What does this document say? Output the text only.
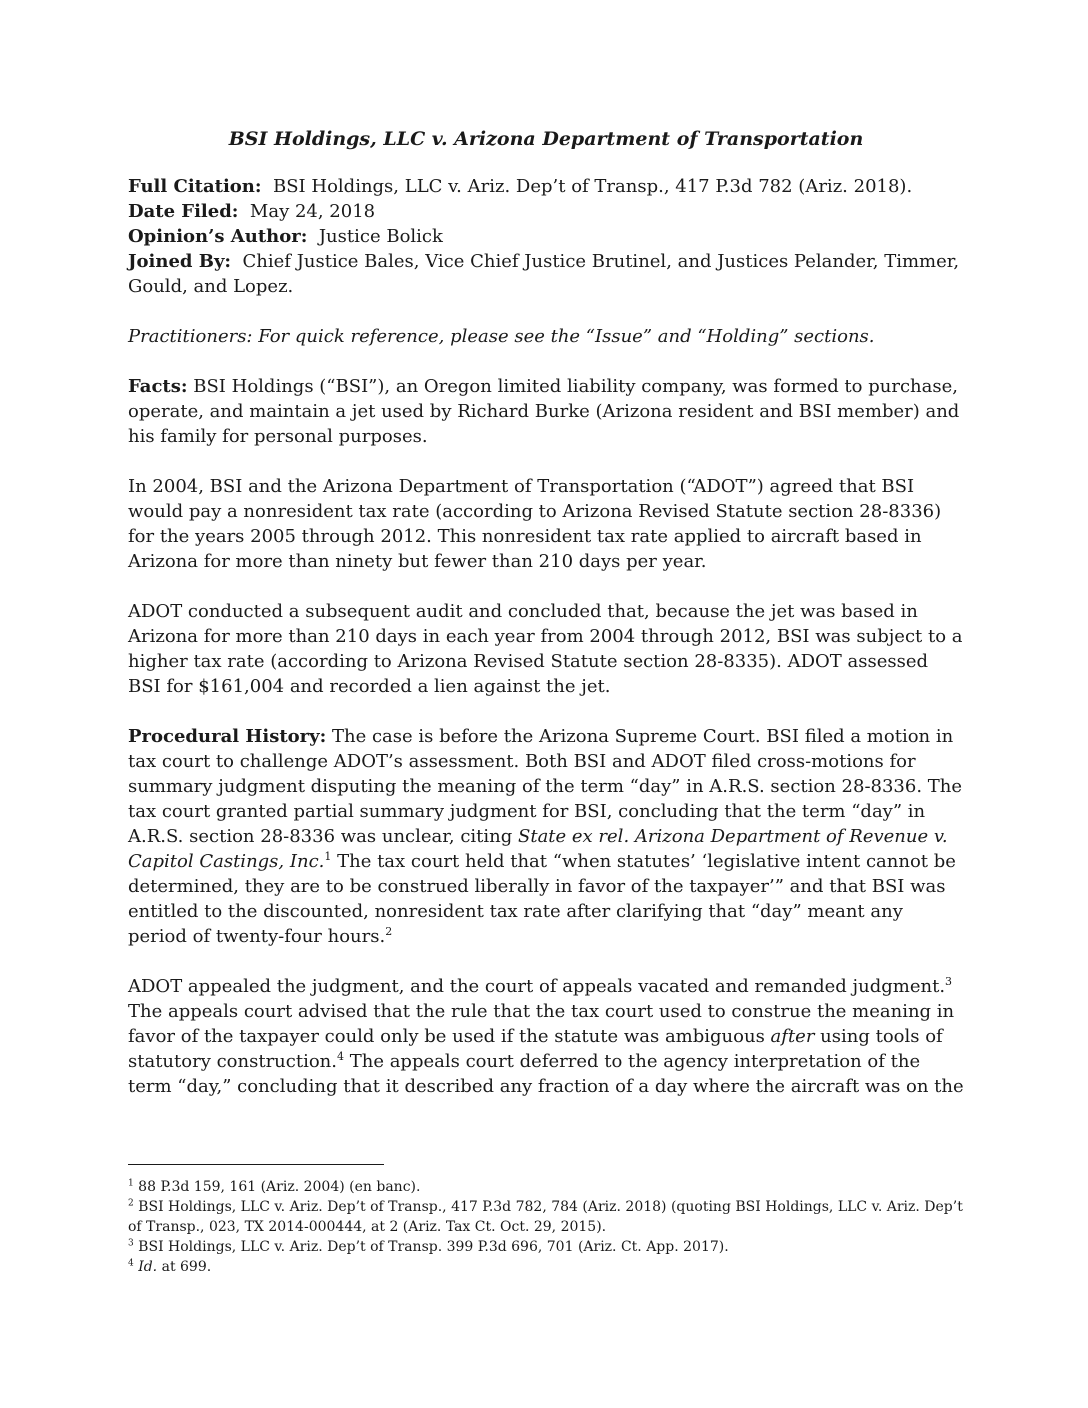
BSI Holdings, LLC v. Arizona Department of Transportation

Full Citation: BSI Holdings, LLC v. Ariz. Dep’t of Transp., 417 P.3d 782 (Ariz. 2018).

Date Filed: May 24, 2018

Opinion’s Author: Justice Bolick

Joined By: Chief Justice Bales, Vice Chief Justice Brutinel, and Justices Pelander, Timmer, Gould, and Lopez.

Practitioners: For quick reference, please see the “Issue” and “Holding” sections.

Facts: BSI Holdings (“BSI”), an Oregon limited liability company, was formed to purchase, operate, and maintain a jet used by Richard Burke (Arizona resident and BSI member) and his family for personal purposes.

In 2004, BSI and the Arizona Department of Transportation (“ADOT”) agreed that BSI would pay a nonresident tax rate (according to Arizona Revised Statute section 28-8336) for the years 2005 through 2012. This nonresident tax rate applied to aircraft based in Arizona for more than ninety but fewer than 210 days per year.

ADOT conducted a subsequent audit and concluded that, because the jet was based in Arizona for more than 210 days in each year from 2004 through 2012, BSI was subject to a higher tax rate (according to Arizona Revised Statute section 28-8335). ADOT assessed BSI for $161,004 and recorded a lien against the jet.

Procedural History: The case is before the Arizona Supreme Court. BSI filed a motion in tax court to challenge ADOT’s assessment. Both BSI and ADOT filed cross-motions for summary judgment disputing the meaning of the term “day” in A.R.S. section 28-8336. The tax court granted partial summary judgment for BSI, concluding that the term “day” in A.R.S. section 28-8336 was unclear, citing State ex rel. Arizona Department of Revenue v. Capitol Castings, Inc.$^1$ The tax court held that “when statutes’ ‘legislative intent cannot be determined, they are to be construed liberally in favor of the taxpayer’” and that BSI was entitled to the discounted, nonresident tax rate after clarifying that “day” meant any period of twenty-four hours.$^2$

ADOT appealed the judgment, and the court of appeals vacated and remanded judgment.$^3$ The appeals court advised that the rule that the tax court used to construe the meaning in favor of the taxpayer could only be used if the statute was ambiguous after using tools of statutory construction.$^4$ The appeals court deferred to the agency interpretation of the term “day,” concluding that it described any fraction of a day where the aircraft was on the

$^1$ 88 P.3d 159, 161 (Ariz. 2004) (en banc).

$^2$ BSI Holdings, LLC v. Ariz. Dep’t of Transp., 417 P.3d 782, 784 (Ariz. 2018) (quoting BSI Holdings, LLC v. Ariz. Dep’t of Transp., 023, TX 2014-000444, at 2 (Ariz. Tax Ct. Oct. 29, 2015).

$^3$ BSI Holdings, LLC v. Ariz. Dep’t of Transp. 399 P.3d 696, 701 (Ariz. Ct. App. 2017).

$^4$ Id. at 699.
